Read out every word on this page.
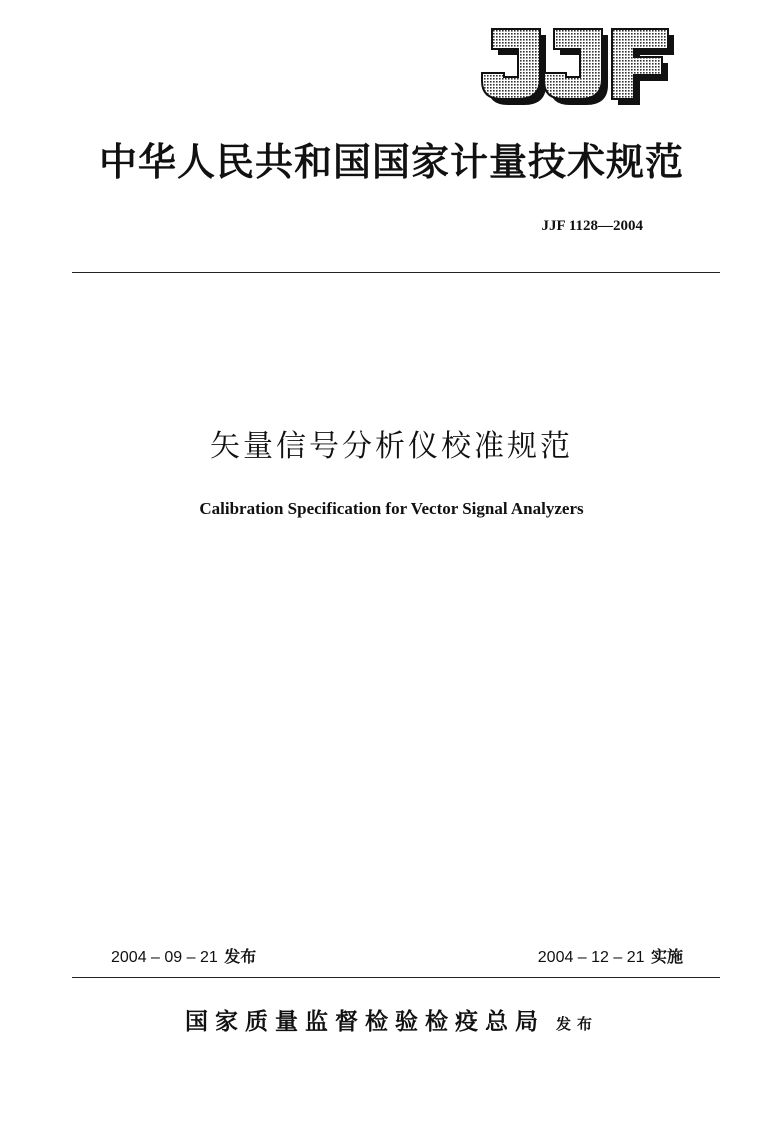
中华人民共和国国家计量技术规范
JJF 1128—2004
矢量信号分析仪校准规范
Calibration Specification for Vector Signal Analyzers
2004 – 09 – 21 发布	2004 – 12 – 21 实施
国家质量监督检验检疫总局 发布
